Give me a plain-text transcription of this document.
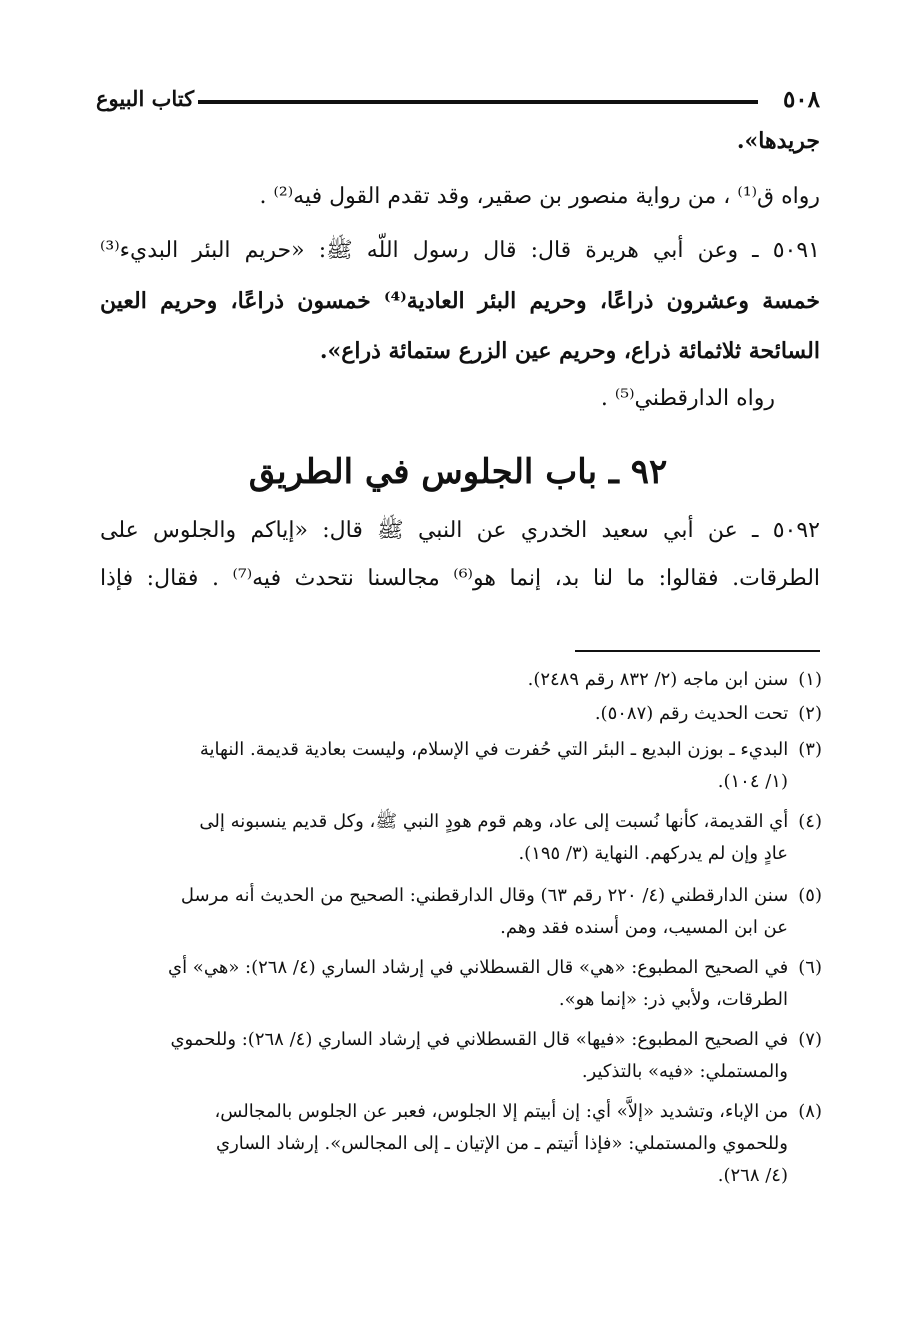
٥٠٨
كتاب البيوع
جريدها».
رواه ق⁽¹⁾ ، من رواية منصور بن صقير، وقد تقدم القول فيه⁽²⁾ .
٥٠٩١ ـ وعن أبي هريرة قال: قال رسول اللّه ﷺ: «حريم البئر البديء⁽³⁾
خمسة وعشرون ذراعًا، وحريم البئر العادية⁽⁴⁾ خمسون ذراعًا، وحريم العين
السائحة ثلاثمائة ذراع، وحريم عين الزرع ستمائة ذراع».
رواه الدارقطني⁽⁵⁾ .
٩٢ ـ باب الجلوس في الطريق
٥٠٩٢ ـ عن أبي سعيد الخدري عن النبي ﷺ قال: «إياكم والجلوس على
الطرقات. فقالوا: ما لنا بد، إنما هو⁽⁶⁾ مجالسنا نتحدث فيه⁽⁷⁾ . فقال: فإذا
(١) سنن ابن ماجه (٢/ ٨٣٢ رقم ٢٤٨٩).
(٢) تحت الحديث رقم (٥٠٨٧).
(٣) البديء ـ بوزن البديع ـ البئر التي حُفرت في الإسلام، وليست بعادية قديمة. النهاية
(١/ ١٠٤).
(٤) أي القديمة، كأنها نُسبت إلى عاد، وهم قوم هودٍ النبي ﷺ، وكل قديم ينسبونه إلى
عادٍ وإن لم يدركهم. النهاية (٣/ ١٩٥).
(٥) سنن الدارقطني (٤/ ٢٢٠ رقم ٦٣) وقال الدارقطني: الصحيح من الحديث أنه مرسل
عن ابن المسيب، ومن أسنده فقد وهم.
(٦) في الصحيح المطبوع: «هي» قال القسطلاني في إرشاد الساري (٤/ ٢٦٨): «هي» أي
الطرقات، ولأبي ذر: «إنما هو».
(٧) في الصحيح المطبوع: «فيها» قال القسطلاني في إرشاد الساري (٤/ ٢٦٨): وللحموي
والمستملي: «فيه» بالتذكير.
(٨) من الإباء، وتشديد «إلاَّ» أي: إن أبيتم إلا الجلوس، فعبر عن الجلوس بالمجالس،
وللحموي والمستملي: «فإذا أتيتم ـ من الإتيان ـ إلى المجالس». إرشاد الساري
(٤/ ٢٦٨).
